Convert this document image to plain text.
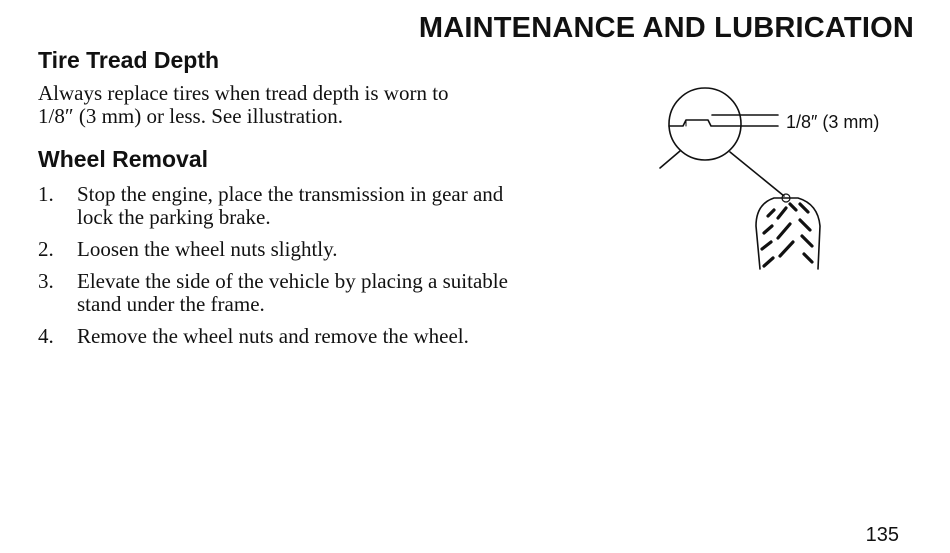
MAINTENANCE AND LUBRICATION
Tire Tread Depth
Always replace tires when tread depth is worn to
1/8″ (3 mm) or less. See illustration.
Wheel Removal
1. Stop the engine, place the transmission in gear and
lock the parking brake.
2. Loosen the wheel nuts slightly.
3. Elevate the side of the vehicle by placing a suitable
stand under the frame.
4. Remove the wheel nuts and remove the wheel.
1/8″ (3 mm)
135
